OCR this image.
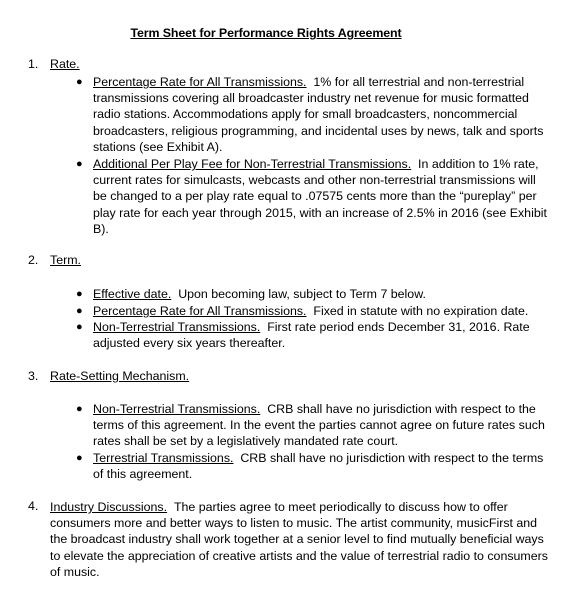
Term Sheet for Performance Rights Agreement
1. Rate.
● Percentage Rate for All Transmissions. 1% for all terrestrial and non-terrestrial transmissions covering all broadcaster industry net revenue for music formatted radio stations. Accommodations apply for small broadcasters, noncommercial broadcasters, religious programming, and incidental uses by news, talk and sports stations (see Exhibit A).
● Additional Per Play Fee for Non-Terrestrial Transmissions. In addition to 1% rate, current rates for simulcasts, webcasts and other non-terrestrial transmissions will be changed to a per play rate equal to .07575 cents more than the “pureplay” per play rate for each year through 2015, with an increase of 2.5% in 2016 (see Exhibit B).
2. Term.
● Effective date. Upon becoming law, subject to Term 7 below.
● Percentage Rate for All Transmissions. Fixed in statute with no expiration date.
● Non-Terrestrial Transmissions. First rate period ends December 31, 2016. Rate adjusted every six years thereafter.
3. Rate-Setting Mechanism.
● Non-Terrestrial Transmissions. CRB shall have no jurisdiction with respect to the terms of this agreement. In the event the parties cannot agree on future rates such rates shall be set by a legislatively mandated rate court.
● Terrestrial Transmissions. CRB shall have no jurisdiction with respect to the terms of this agreement.
4. Industry Discussions. The parties agree to meet periodically to discuss how to offer consumers more and better ways to listen to music. The artist community, musicFirst and the broadcast industry shall work together at a senior level to find mutually beneficial ways to elevate the appreciation of creative artists and the value of terrestrial radio to consumers of music.
